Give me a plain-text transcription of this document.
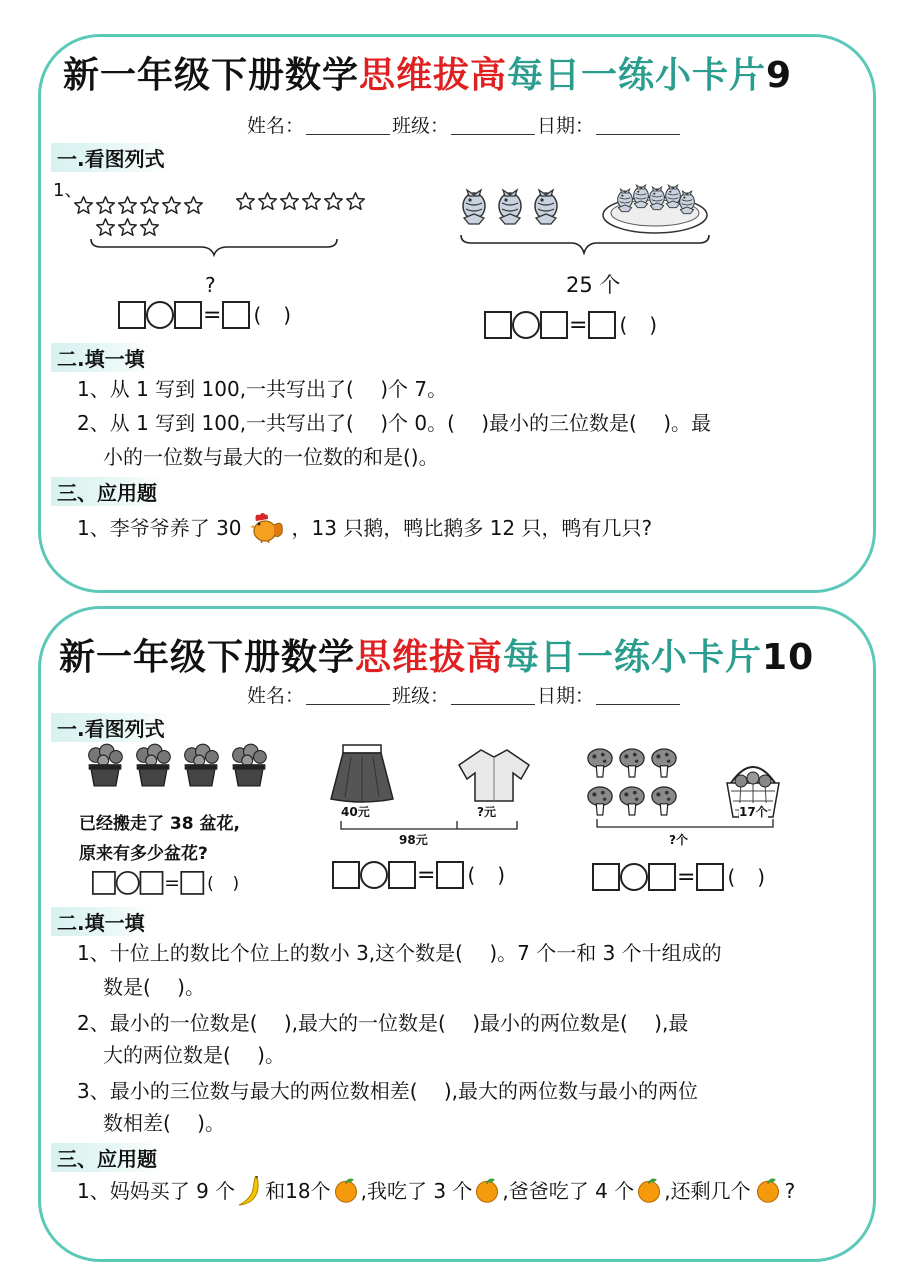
新一年级下册数学思维拔高每日一练小卡片9
姓名：	班级：	日期：
一.看图列式
1、
?
= ()
25 个
= ()
二.填一填
1、从 1 写到 100,一共写出了(　 )个 7。
2、从 1 写到 100,一共写出了(　 )个 0。(　 )最小的三位数是(　 )。最
小的一位数与最大的一位数的和是()。
三、应用题
1、李爷爷养了 30	，13 只鹅，鸭比鹅多 12 只，鸭有几只?
新一年级下册数学思维拔高每日一练小卡片10
姓名：	班级：	日期：
一.看图列式
已经搬走了 38 盆花,
原来有多少盆花?
= ()
40元	?元
98元
= ()
17个
?个
= ()
二.填一填
1、十位上的数比个位上的数小 3,这个数是(　 )。7 个一和 3 个十组成的
数是(　 )。
2、最小的一位数是(　 ),最大的一位数是(　 )最小的两位数是(　 ),最
大的两位数是(　 )。
3、最小的三位数与最大的两位数相差(　 ),最大的两位数与最小的两位
数相差(　 )。
三、应用题
1、妈妈买了 9 个 和18个 ,我吃了 3 个 ,爸爸吃了 4 个 ,还剩几个 ?
